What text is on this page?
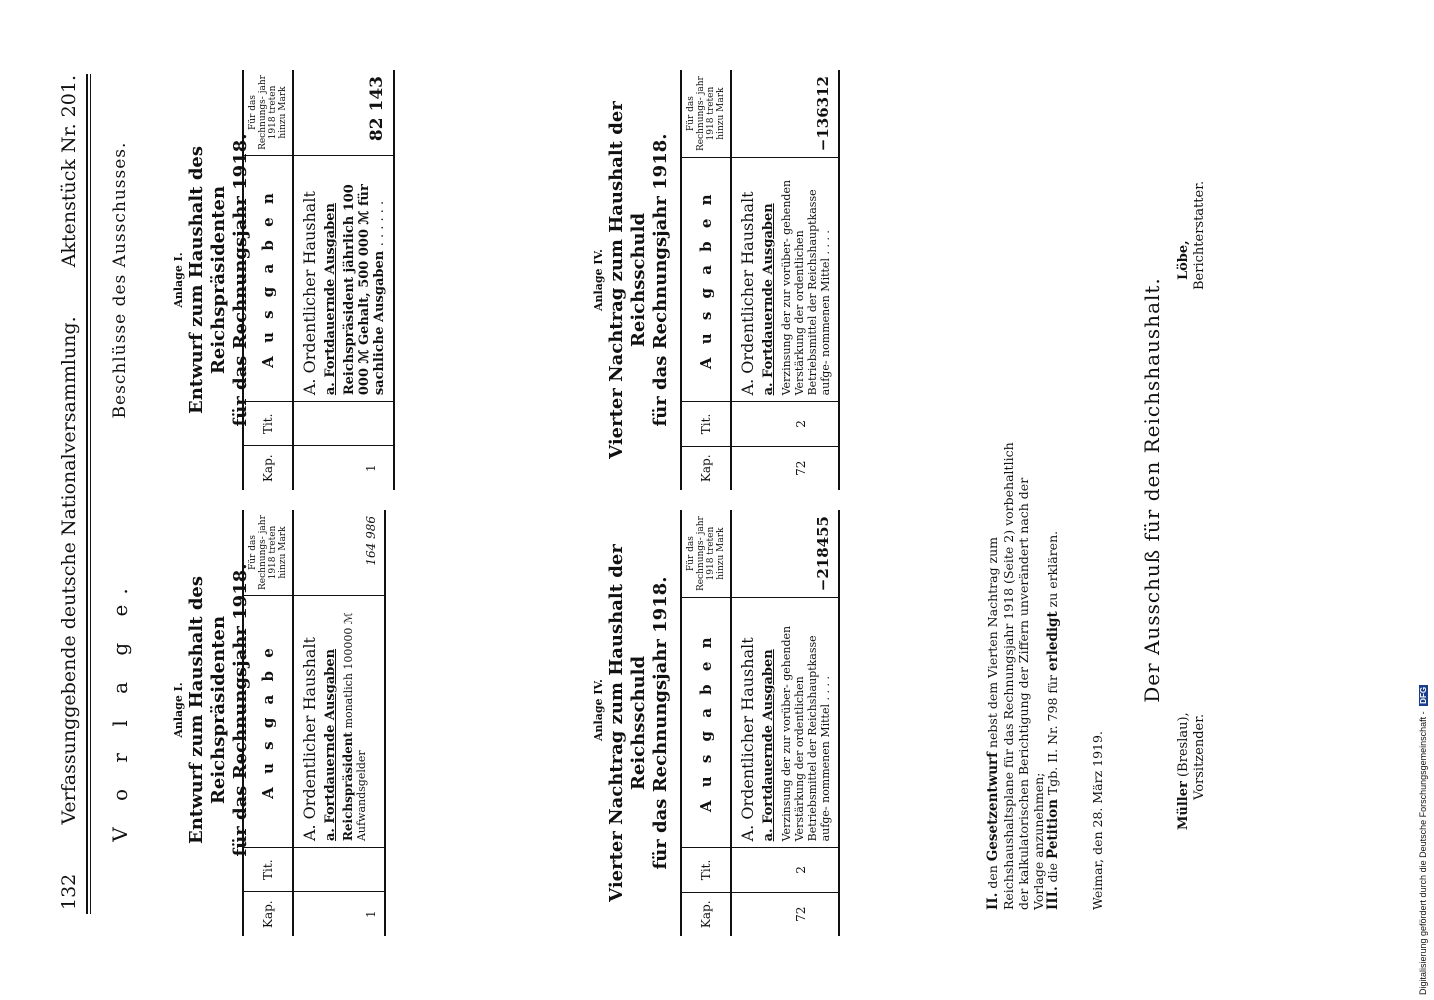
132
Verfassunggebende deutsche Nationalversammlung.
Aktenstück Nr. 201.
V o r l a g e.	Anlage I. Entwurf zum Haushalt des Reichspräsidenten für das Rechnungsjahr 1918.
Kap.	Tit.	A u s g a b e	Für das Rechnungs- jahr 1918 treten hinzu Mark
1		A. Ordentlicher Haushalt a. Fortdauernde Ausgaben Reichspräsident monatlich 100000 ℳ Aufwandsgelder	164 986
Anlage IV. Vierter Nachtrag zum Haushalt der Reichsschuld für das Rechnungsjahr 1918.
Kap.	Tit.	A u s g a b e n	Für das Rechnungs- jahr 1918 treten hinzu Mark
72	2	A. Ordentlicher Haushalt a. Fortdauernde Ausgaben Verzinsung der zur vorüber- gehenden Verstärkung der ordentlichen Betriebsmittel der Reichshauptkasse aufge- nommenen Mittel . . . .	−218455
Beschlüsse des Ausschusses.	Anlage I. Entwurf zum Haushalt des Reichspräsidenten für das Rechnungsjahr 1918.
Kap.	Tit.	A u s g a b e n	Für das Rechnungs- jahr 1918 treten hinzu Mark
1		A. Ordentlicher Haushalt a. Fortdauernde Ausgaben Reichspräsident jährlich 100 000 ℳ Gehalt, 500 000 ℳ für sachliche Ausgaben . . . . . .	82 143
Anlage IV. Vierter Nachtrag zum Haushalt der Reichsschuld für das Rechnungsjahr 1918.
Kap.	Tit.	A u s g a b e n	Für das Rechnungs- jahr 1918 treten hinzu Mark
72	2	A. Ordentlicher Haushalt a. Fortdauernde Ausgaben Verzinsung der zur vorüber- gehenden Verstärkung der ordentlichen Betriebsmittel der Reichshauptkasse aufge- nommenen Mittel . . . .	−136312
II. den Gesetzentwurf nebst dem Vierten Nachtrag zum Reichshaushaltsplane für das Rechnungsjahr 1918 (Seite 2) vorbehaltlich der kalkulatorischen Berichtigung der Ziffern unverändert nach der Vorlage anzunehmen; III. die Petition Tgb. II. Nr. 798 für erledigt zu erklären.
Weimar, den 28. März 1919.
Der Ausschuß für den Reichshaushalt.
Müller (Breslau), Vorsitzender.
Löbe, Berichterstatter.
Digitalisierung gefördert durch die Deutsche Forschungsgemeinschaft - DFG
